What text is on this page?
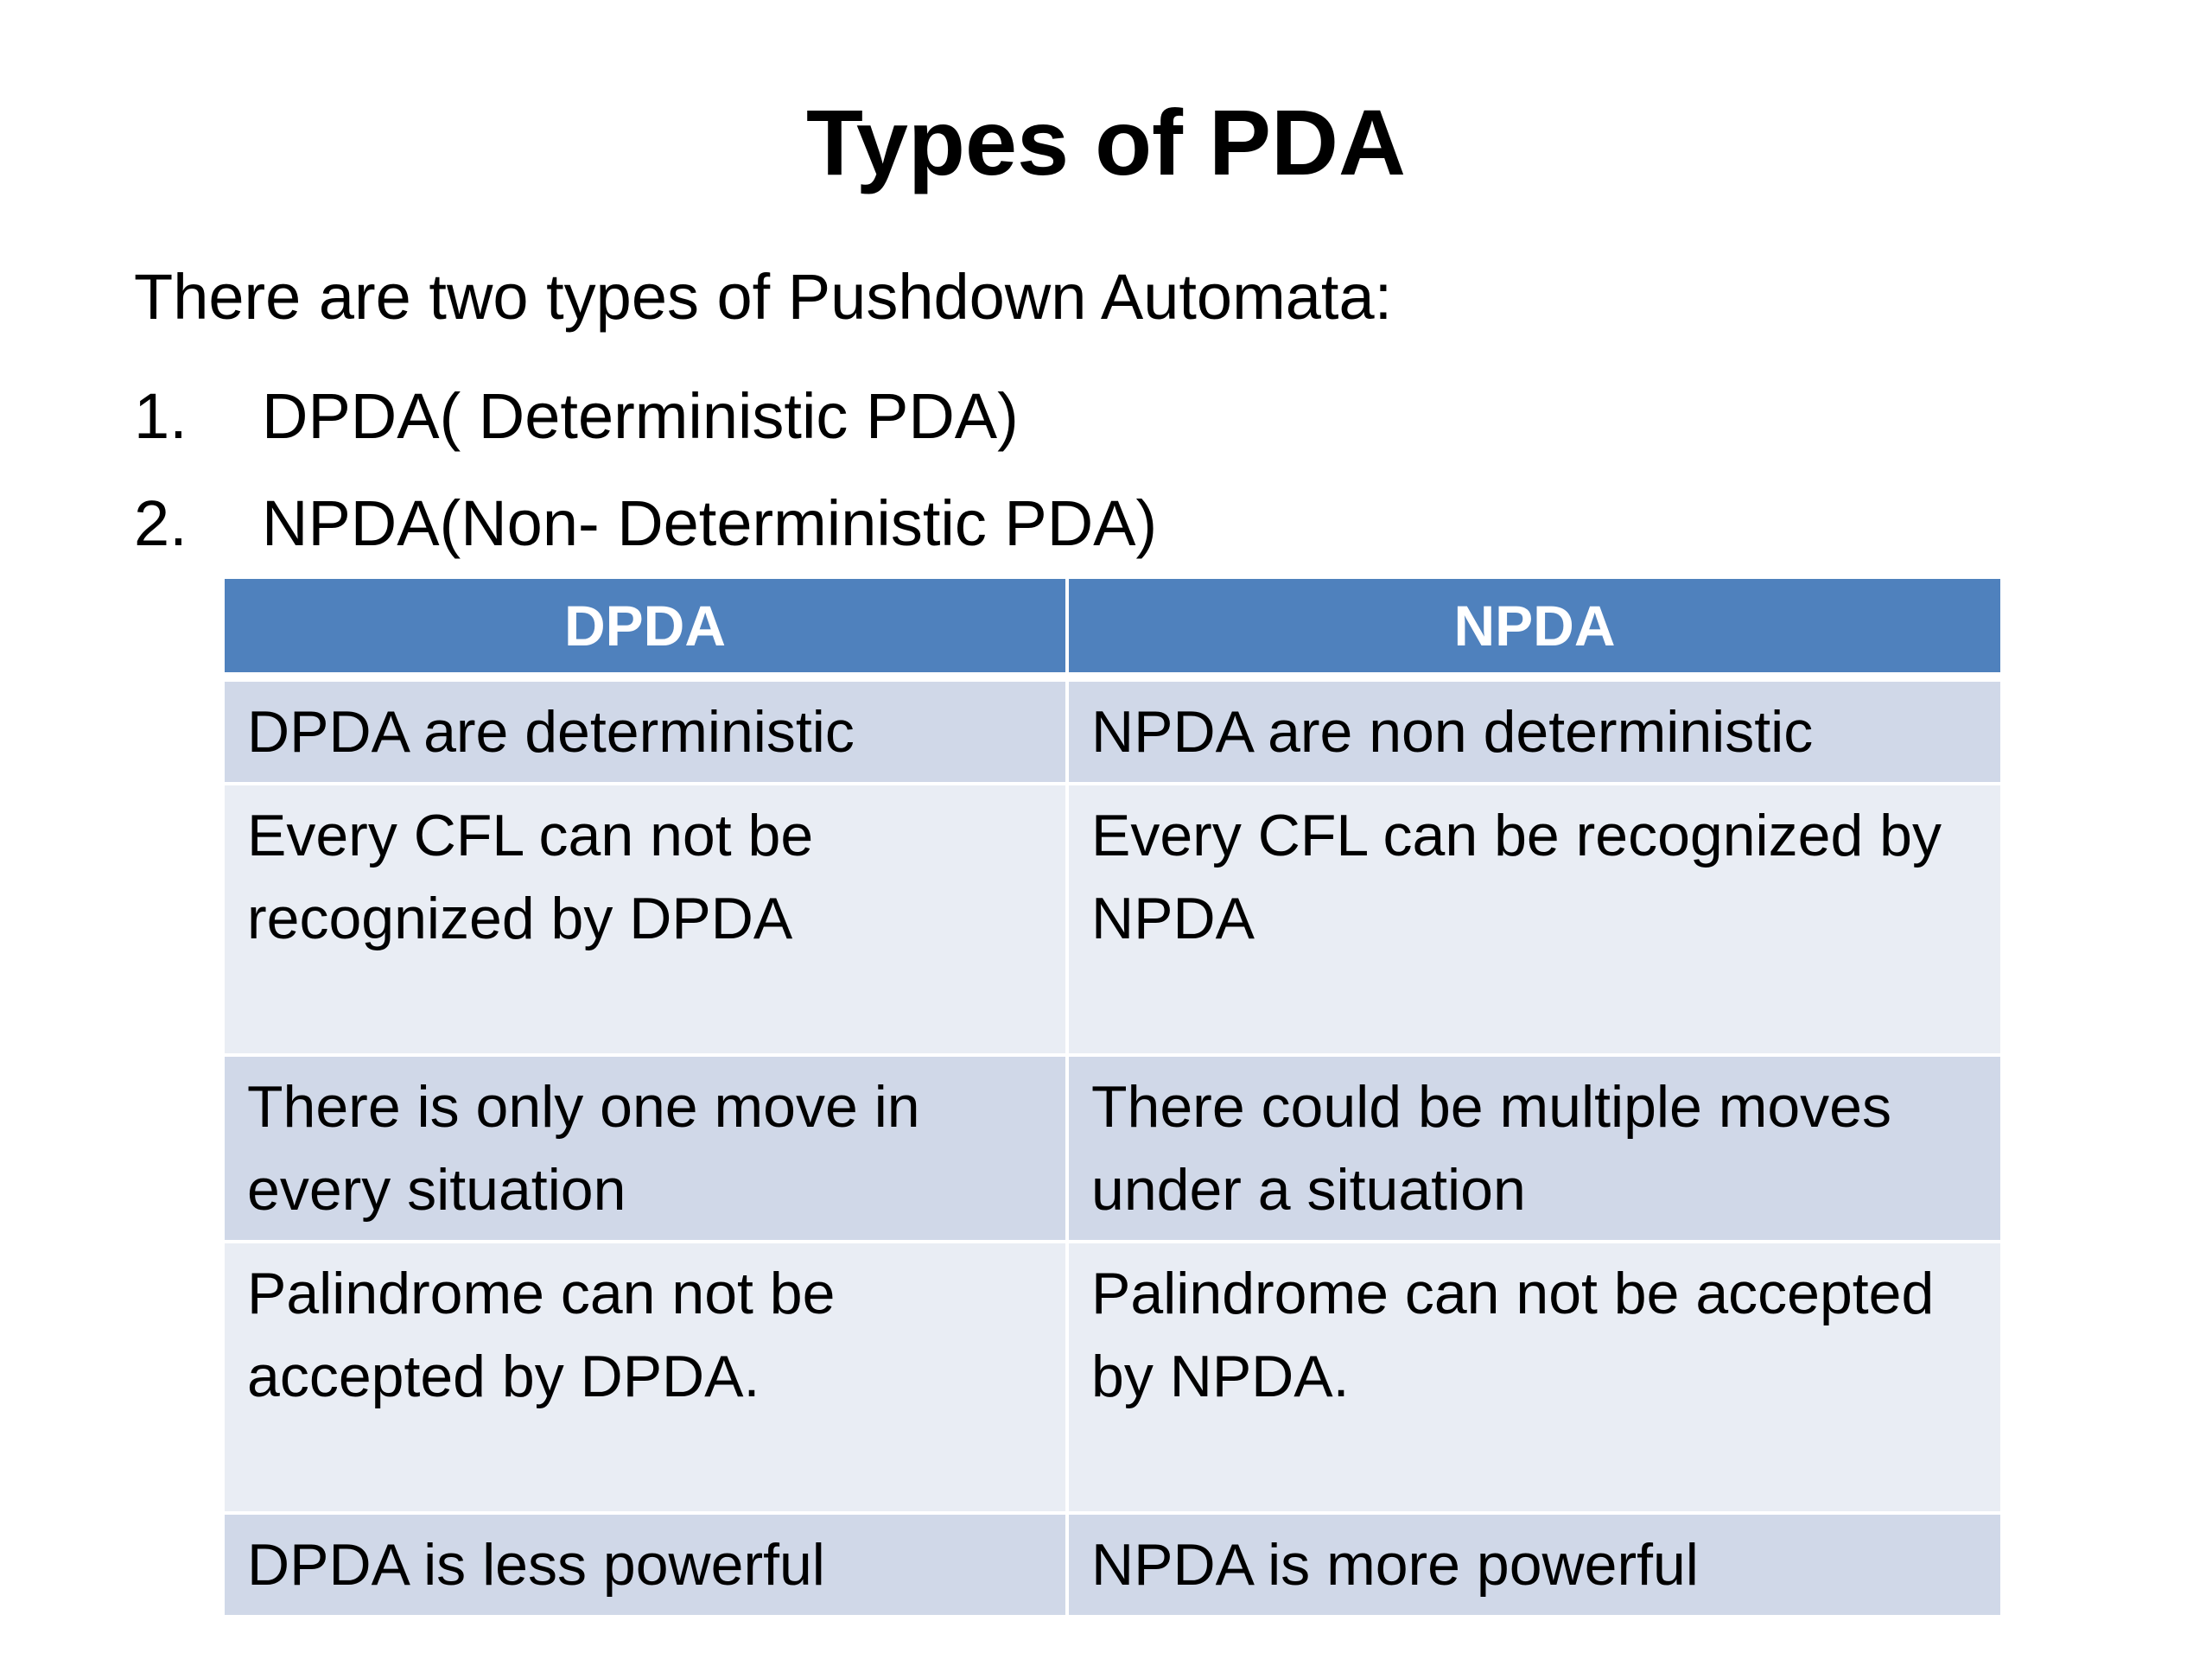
Types of PDA

There are two types of Pushdown Automata:

1.	DPDA( Deterministic PDA)
2.	NPDA(Non- Deterministic PDA)
DPDA	NPDA
DPDA are deterministic	NPDA are non deterministic
Every CFL can not be recognized by DPDA	Every CFL can be recognized by NPDA
There is only one move in every situation	There could be multiple moves under a situation
Palindrome can not be accepted by DPDA.	Palindrome can not be accepted by NPDA.
DPDA is less powerful	NPDA is more powerful
